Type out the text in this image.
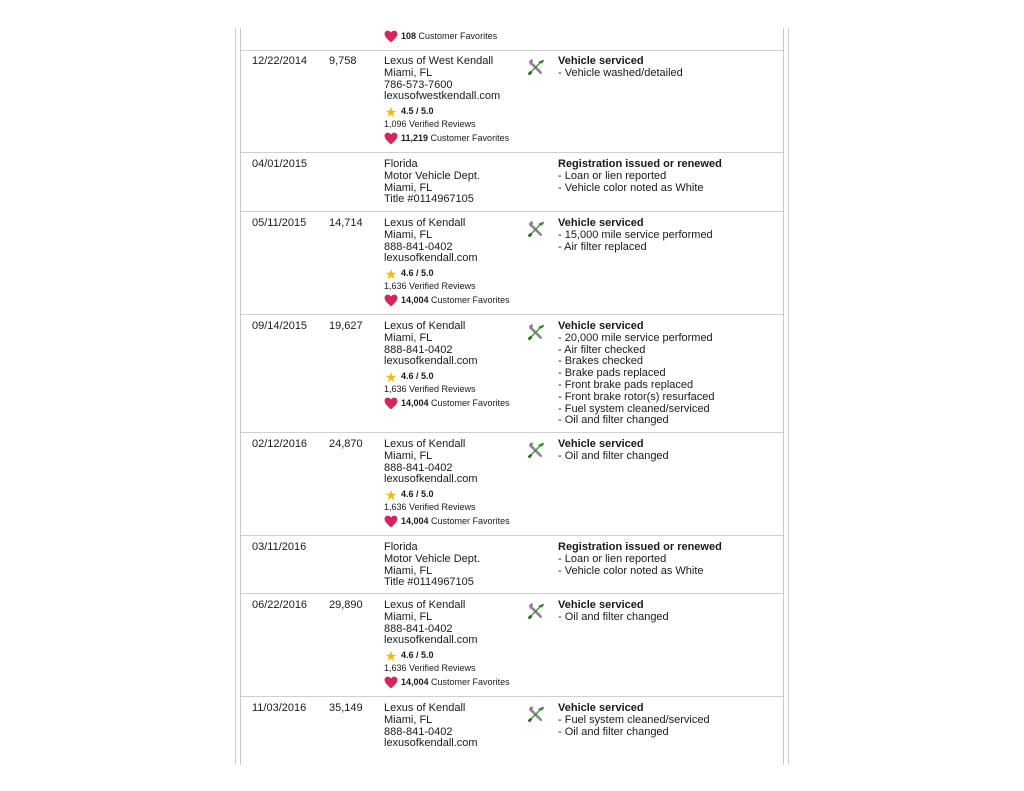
108
Customer Favorites
12/22/2014 9,758 Lexus of West Kendall
Miami, FL
786-573-7600
lexusofwestkendall.com
★ 4.5 / 5.0
1,096 Verified Reviews
11,219
Customer Favorites
Vehicle serviced
- Vehicle washed/detailed
04/01/2015	Florida
Motor Vehicle Dept.
Miami, FL
Title #0114967105
Registration issued or renewed
- Loan or lien reported
- Vehicle color noted as White
05/11/2015 14,714 Lexus of Kendall
Miami, FL
888-841-0402
lexusofkendall.com
★ 4.6 / 5.0
1,636 Verified Reviews
14,004
Customer Favorites
Vehicle serviced
- 15,000 mile service performed
- Air filter replaced
09/14/2015 19,627 Lexus of Kendall
Miami, FL
888-841-0402
lexusofkendall.com
★ 4.6 / 5.0
1,636 Verified Reviews
14,004
Customer Favorites
Vehicle serviced
- 20,000 mile service performed
- Air filter checked
- Brakes checked
- Brake pads replaced
- Front brake pads replaced
- Front brake rotor(s) resurfaced
- Fuel system cleaned/serviced
- Oil and filter changed
02/12/2016 24,870 Lexus of Kendall
Miami, FL
888-841-0402
lexusofkendall.com
★ 4.6 / 5.0
1,636 Verified Reviews
14,004
Customer Favorites
Vehicle serviced
- Oil and filter changed
03/11/2016	Florida
Motor Vehicle Dept.
Miami, FL
Title #0114967105
Registration issued or renewed
- Loan or lien reported
- Vehicle color noted as White
06/22/2016 29,890 Lexus of Kendall
Miami, FL
888-841-0402
lexusofkendall.com
★ 4.6 / 5.0
1,636 Verified Reviews
14,004
Customer Favorites
Vehicle serviced
- Oil and filter changed
11/03/2016 35,149 Lexus of Kendall
Miami, FL
888-841-0402
lexusofkendall.com
Vehicle serviced
- Fuel system cleaned/serviced
- Oil and filter changed
